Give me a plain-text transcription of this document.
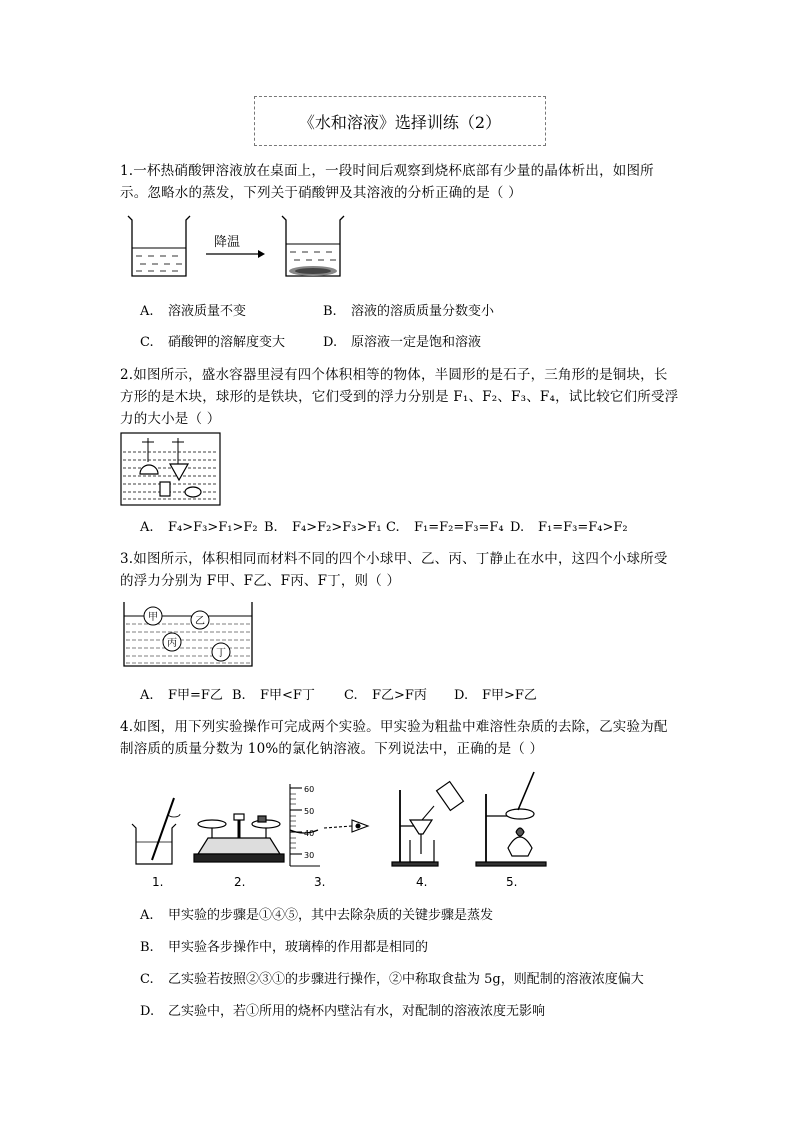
《水和溶液》选择训练（2）
1.一杯热硝酸钾溶液放在桌面上，一段时间后观察到烧杯底部有少量的晶体析出，如图所示。忽略水的蒸发，下列关于硝酸钾及其溶液的分析正确的是（ ）
降温
A. 溶液质量不变	B. 溶液的溶质质量分数变小
C. 硝酸钾的溶解度变大	D. 原溶液一定是饱和溶液
2.如图所示，盛水容器里浸有四个体积相等的物体，半圆形的是石子，三角形的是铜块，长方形的是木块，球形的是铁块，它们受到的浮力分别是 F₁、F₂、F₃、F₄，试比较它们所受浮力的大小是（ ）
A. F₄>F₃>F₁>F₂ B. F₄>F₂>F₃>F₁ C. F₁=F₂=F₃=F₄ D. F₁=F₃=F₄>F₂
3.如图所示，体积相同而材料不同的四个小球甲、乙、丙、丁静止在水中，这四个小球所受的浮力分别为 F甲、F乙、F丙、F丁，则（ ）
甲	乙
丙
丁
A. F甲=F乙 B. F甲<F丁 C. F乙>F丙 D. F甲>F乙
4.如图，用下列实验操作可完成两个实验。甲实验为粗盐中难溶性杂质的去除，乙实验为配制溶质的质量分数为 10%的氯化钠溶液。下列说法中，正确的是（ ）
60
50
40
30
1.	2.	3.	4.	5.
A. 甲实验的步骤是①④⑤，其中去除杂质的关键步骤是蒸发
B. 甲实验各步操作中，玻璃棒的作用都是相同的
C. 乙实验若按照②③①的步骤进行操作，②中称取食盐为 5g，则配制的溶液浓度偏大
D. 乙实验中，若①所用的烧杯内壁沾有水，对配制的溶液浓度无影响
